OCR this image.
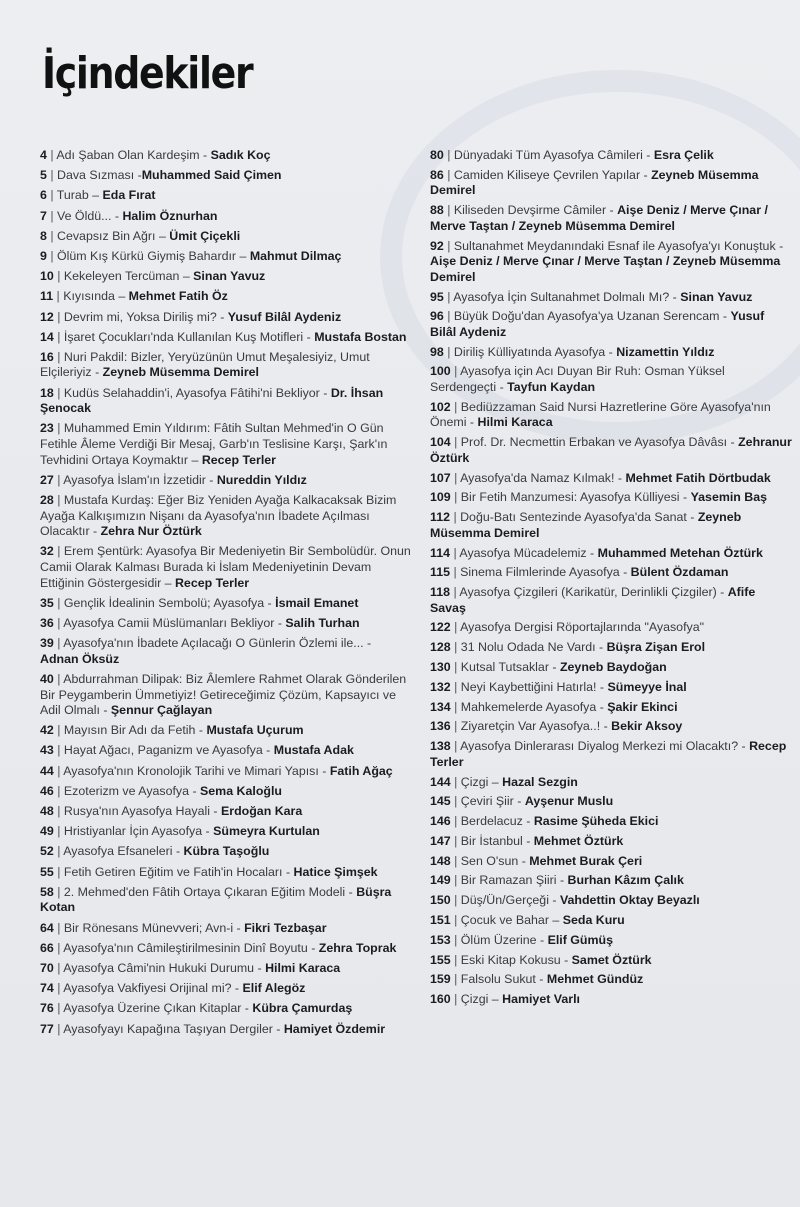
İçindekiler

4 | Adı Şaban Olan Kardeşim - Sadık Koç

5 | Dava Sızması -Muhammed Said Çimen

6 | Turab – Eda Fırat

7 | Ve Öldü... - Halim Öznurhan

8 | Cevapsız Bin Ağrı – Ümit Çiçekli

9 | Ölüm Kış Kürkü Giymiş Bahardır – Mahmut Dilmaç

10 | Kekeleyen Tercüman – Sinan Yavuz

11 | Kıyısında – Mehmet Fatih Öz

12 | Devrim mi, Yoksa Diriliş mi? - Yusuf Bilâl Aydeniz

14 | İşaret Çocukları'nda Kullanılan Kuş Motifleri - Mustafa Bostan

16 | Nuri Pakdil: Bizler, Yeryüzünün Umut Meşalesiyiz, Umut Elçileriyiz - Zeyneb Müsemma Demirel

18 | Kudüs Selahaddin'i, Ayasofya Fâtihi'ni Bekliyor - Dr. İhsan Şenocak

23 | Muhammed Emin Yıldırım: Fâtih Sultan Mehmed'in O Gün Fetihle Âleme Verdiği Bir Mesaj, Garb'ın Teslisine Karşı, Şark'ın Tevhidini Ortaya Koymaktır – Recep Terler

27 | Ayasofya İslam'ın İzzetidir - Nureddin Yıldız

28 | Mustafa Kurdaş: Eğer Biz Yeniden Ayağa Kalkacaksak Bizim Ayağa Kalkışımızın Nişanı da Ayasofya'nın İbadete Açılması Olacaktır - Zehra Nur Öztürk

32 | Erem Şentürk: Ayasofya Bir Medeniyetin Bir Sembolüdür. Onun Camii Olarak Kalması Burada ki İslam Medeniyetinin Devam Ettiğinin Göstergesidir – Recep Terler

35 | Gençlik İdealinin Sembolü; Ayasofya - İsmail Emanet

36 | Ayasofya Camii Müslümanları Bekliyor - Salih Turhan

39 | Ayasofya'nın İbadete Açılacağı O Günlerin Özlemi ile... - Adnan Öksüz

40 | Abdurrahman Dilipak: Biz Âlemlere Rahmet Olarak Gönderilen Bir Peygamberin Ümmetiyiz! Getireceğimiz Çözüm, Kapsayıcı ve Adil Olmalı - Şennur Çağlayan

42 | Mayısın Bir Adı da Fetih - Mustafa Uçurum

43 | Hayat Ağacı, Paganizm ve Ayasofya - Mustafa Adak

44 | Ayasofya'nın Kronolojik Tarihi ve Mimari Yapısı - Fatih Ağaç

46 | Ezoterizm ve Ayasofya - Sema Kaloğlu

48 | Rusya'nın Ayasofya Hayali - Erdoğan Kara

49 | Hristiyanlar İçin Ayasofya - Sümeyra Kurtulan

52 | Ayasofya Efsaneleri - Kübra Taşoğlu

55 | Fetih Getiren Eğitim ve Fatih'in Hocaları - Hatice Şimşek

58 | 2. Mehmed'den Fâtih Ortaya Çıkaran Eğitim Modeli - Büşra Kotan

64 | Bir Rönesans Münevveri; Avn-i - Fikri Tezbaşar

66 | Ayasofya'nın Câmileştirilmesinin Dinî Boyutu - Zehra Toprak

70 | Ayasofya Câmi'nin Hukuki Durumu - Hilmi Karaca

74 | Ayasofya Vakfiyesi Orijinal mi? - Elif Alegöz

76 | Ayasofya Üzerine Çıkan Kitaplar - Kübra Çamurdaş

77 | Ayasofyayı Kapağına Taşıyan Dergiler - Hamiyet Özdemir

80 | Dünyadaki Tüm Ayasofya Câmileri - Esra Çelik

86 | Camiden Kiliseye Çevrilen Yapılar - Zeyneb Müsemma Demirel

88 | Kiliseden Devşirme Câmiler - Aişe Deniz / Merve Çınar / Merve Taştan / Zeyneb Müsemma Demirel

92 | Sultanahmet Meydanındaki Esnaf ile Ayasofya'yı Konuştuk - Aişe Deniz / Merve Çınar / Merve Taştan / Zeyneb Müsemma Demirel

95 | Ayasofya İçin Sultanahmet Dolmalı Mı? - Sinan Yavuz

96 | Büyük Doğu'dan Ayasofya'ya Uzanan Serencam - Yusuf Bilâl Aydeniz

98 | Diriliş Külliyatında Ayasofya - Nizamettin Yıldız

100 | Ayasofya için Acı Duyan Bir Ruh: Osman Yüksel Serdengeçti - Tayfun Kaydan

102 | Bediüzzaman Said Nursi Hazretlerine Göre Ayasofya'nın Önemi - Hilmi Karaca

104 | Prof. Dr. Necmettin Erbakan ve Ayasofya Dâvâsı - Zehranur Öztürk

107 | Ayasofya'da Namaz Kılmak! - Mehmet Fatih Dörtbudak

109 | Bir Fetih Manzumesi: Ayasofya Külliyesi - Yasemin Baş

112 | Doğu-Batı Sentezinde Ayasofya'da Sanat - Zeyneb Müsemma Demirel

114 | Ayasofya Mücadelemiz - Muhammed Metehan Öztürk

115 | Sinema Filmlerinde Ayasofya - Bülent Özdaman

118 | Ayasofya Çizgileri (Karikatür, Derinlikli Çizgiler) - Afife Savaş

122 | Ayasofya Dergisi Röportajlarında "Ayasofya"

128 | 31 Nolu Odada Ne Vardı - Büşra Zişan Erol

130 | Kutsal Tutsaklar - Zeyneb Baydoğan

132 | Neyi Kaybettiğini Hatırla! - Sümeyye İnal

134 | Mahkemelerde Ayasofya - Şakir Ekinci

136 | Ziyaretçin Var Ayasofya..! - Bekir Aksoy

138 | Ayasofya Dinlerarası Diyalog Merkezi mi Olacaktı? - Recep Terler

144 | Çizgi – Hazal Sezgin

145 | Çeviri Şiir - Ayşenur Muslu

146 | Berdelacuz - Rasime Şüheda Ekici

147 | Bir İstanbul - Mehmet Öztürk

148 | Sen O'sun - Mehmet Burak Çeri

149 | Bir Ramazan Şiiri - Burhan Kâzım Çalık

150 | Düş/Ün/Gerçeği - Vahdettin Oktay Beyazlı

151 | Çocuk ve Bahar – Seda Kuru

153 | Ölüm Üzerine - Elif Gümüş

155 | Eski Kitap Kokusu - Samet Öztürk

159 | Falsolu Sukut - Mehmet Gündüz

160 | Çizgi – Hamiyet Varlı
